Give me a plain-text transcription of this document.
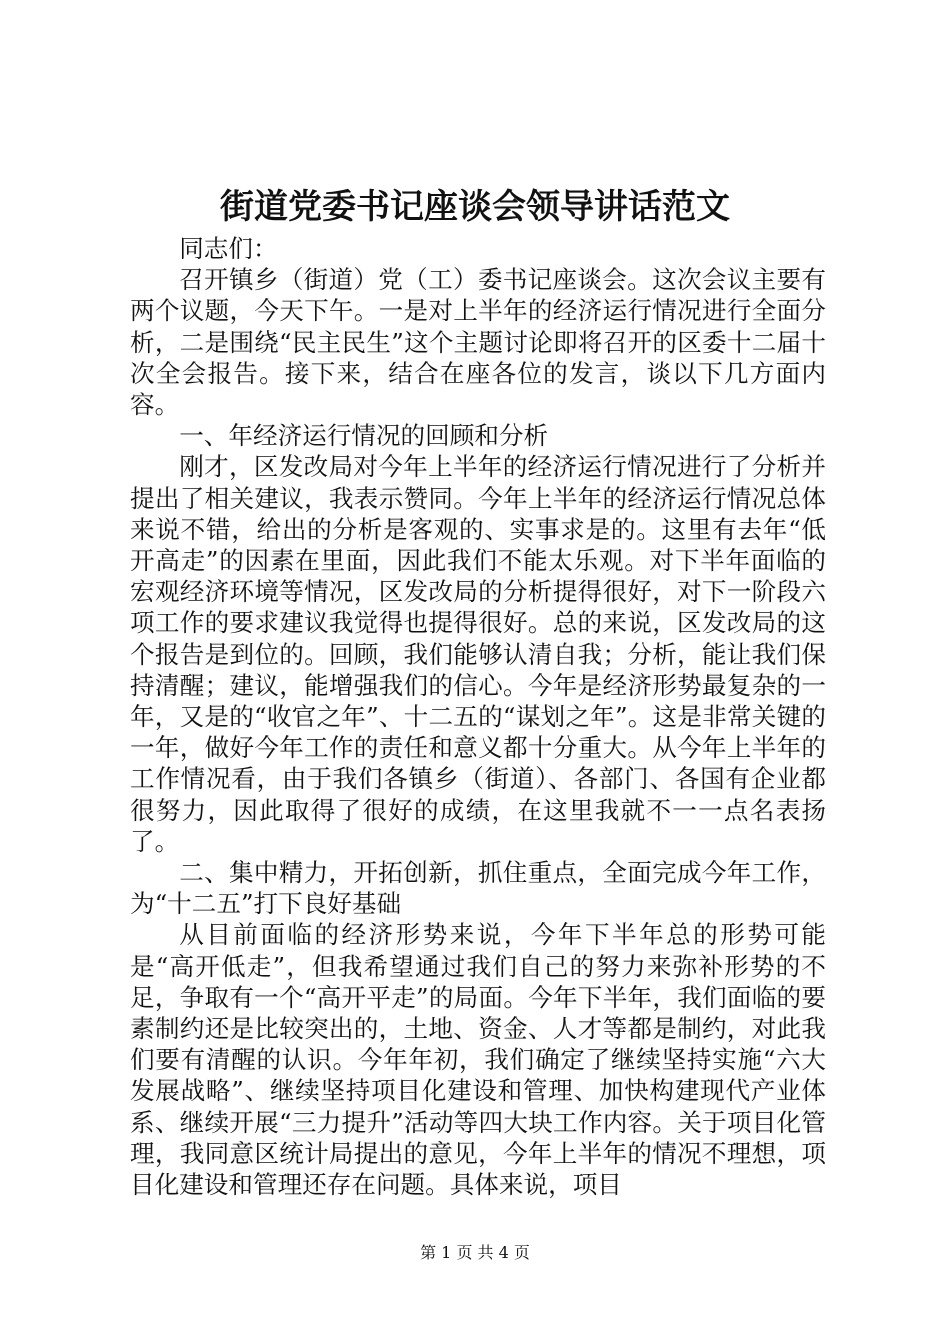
街道党委书记座谈会领导讲话范文

同志们：

召开镇乡（街道）党（工）委书记座谈会。这次会议主要有两个议题，今天下午。一是对上半年的经济运行情况进行全面分析，二是围绕“民主民生”这个主题讨论即将召开的区委十二届十次全会报告。接下来，结合在座各位的发言，谈以下几方面内容。

一、年经济运行情况的回顾和分析

刚才，区发改局对今年上半年的经济运行情况进行了分析并提出了相关建议，我表示赞同。今年上半年的经济运行情况总体来说不错，给出的分析是客观的、实事求是的。这里有去年“低开高走”的因素在里面，因此我们不能太乐观。对下半年面临的宏观经济环境等情况，区发改局的分析提得很好，对下一阶段六项工作的要求建议我觉得也提得很好。总的来说，区发改局的这个报告是到位的。回顾，我们能够认清自我；分析，能让我们保持清醒；建议，能增强我们的信心。今年是经济形势最复杂的一年，又是的“收官之年”、十二五的“谋划之年”。这是非常关键的一年，做好今年工作的责任和意义都十分重大。从今年上半年的工作情况看，由于我们各镇乡（街道）、各部门、各国有企业都很努力，因此取得了很好的成绩，在这里我就不一一点名表扬了。

二、集中精力，开拓创新，抓住重点，全面完成今年工作，为“十二五”打下良好基础

从目前面临的经济形势来说，今年下半年总的形势可能是“高开低走”，但我希望通过我们自己的努力来弥补形势的不足，争取有一个“高开平走”的局面。今年下半年，我们面临的要素制约还是比较突出的，土地、资金、人才等都是制约，对此我们要有清醒的认识。今年年初，我们确定了继续坚持实施“六大发展战略”、继续坚持项目化建设和管理、加快构建现代产业体系、继续开展“三力提升”活动等四大块工作内容。关于项目化管理，我同意区统计局提出的意见，今年上半年的情况不理想，项目化建设和管理还存在问题。具体来说，项目

第 1 页 共 4 页
